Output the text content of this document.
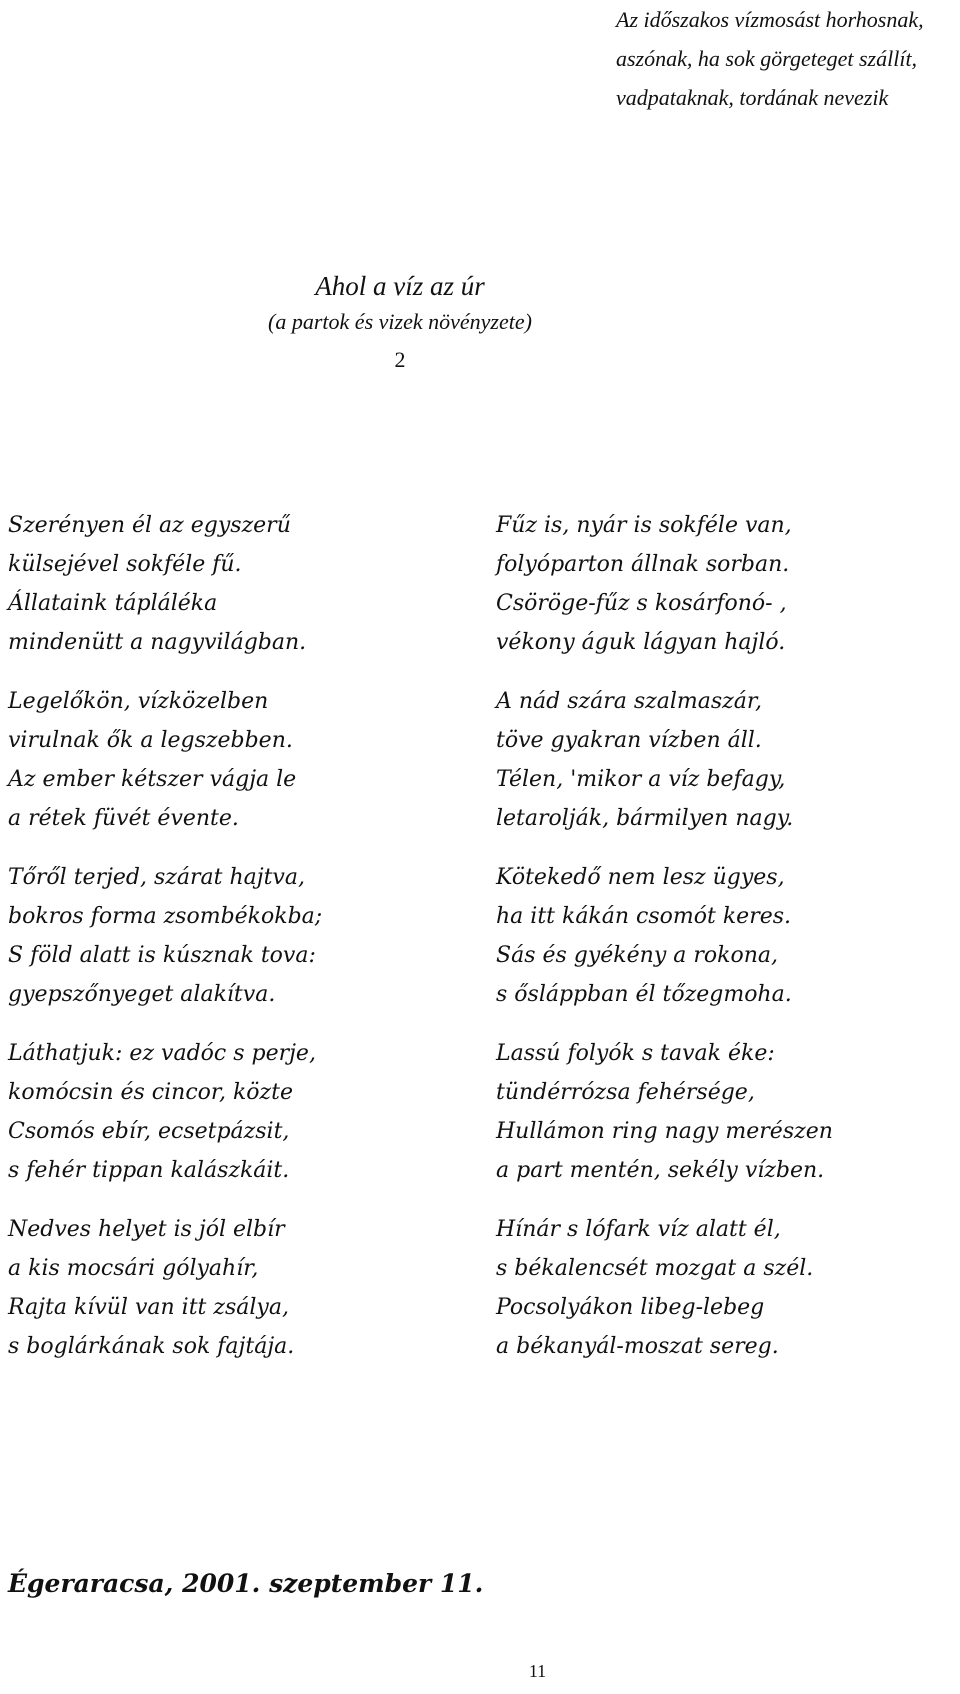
Az időszakos vízmosást horhosnak,
aszónak, ha sok görgeteget szállít,
vadpataknak, tordának nevezik
Ahol a víz az úr
(a partok és vizek növényzete)
2
Szerényen él az egyszerű
külsejével sokféle fű.
Állataink tápláléka
mindenütt a nagyvilágban.
Legelőkön, vízközelben
virulnak ők a legszebben.
Az ember kétszer vágja le
a rétek füvét évente.
Tőről terjed, szárat hajtva,
bokros forma zsombékokba;
S föld alatt is kúsznak tova:
gyepszőnyeget alakítva.
Láthatjuk: ez vadóc s perje,
komócsin és cincor, közte
Csomós ebír, ecsetpázsit,
s fehér tippan kalászkáit.
Nedves helyet is jól elbír
a kis mocsári gólyahír,
Rajta kívül van itt zsálya,
s boglárkának sok fajtája.
Fűz is, nyár is sokféle van,
folyóparton állnak sorban.
Csöröge-fűz s kosárfonó- ,
vékony águk lágyan hajló.
A nád szára szalmaszár,
töve gyakran vízben áll.
Télen, 'mikor a víz befagy,
letarolják, bármilyen nagy.
Kötekedő nem lesz ügyes,
ha itt kákán csomót keres.
Sás és gyékény a rokona,
s ősláppban él tőzegmoha.
Lassú folyók s tavak éke:
tündérrózsa fehérsége,
Hullámon ring nagy merészen
a part mentén, sekély vízben.
Hínár s lófark víz alatt él,
s békalencsét mozgat a szél.
Pocsolyákon libeg-lebeg
a békanyál-moszat sereg.
Égeraracsa, 2001. szeptember 11.
11
